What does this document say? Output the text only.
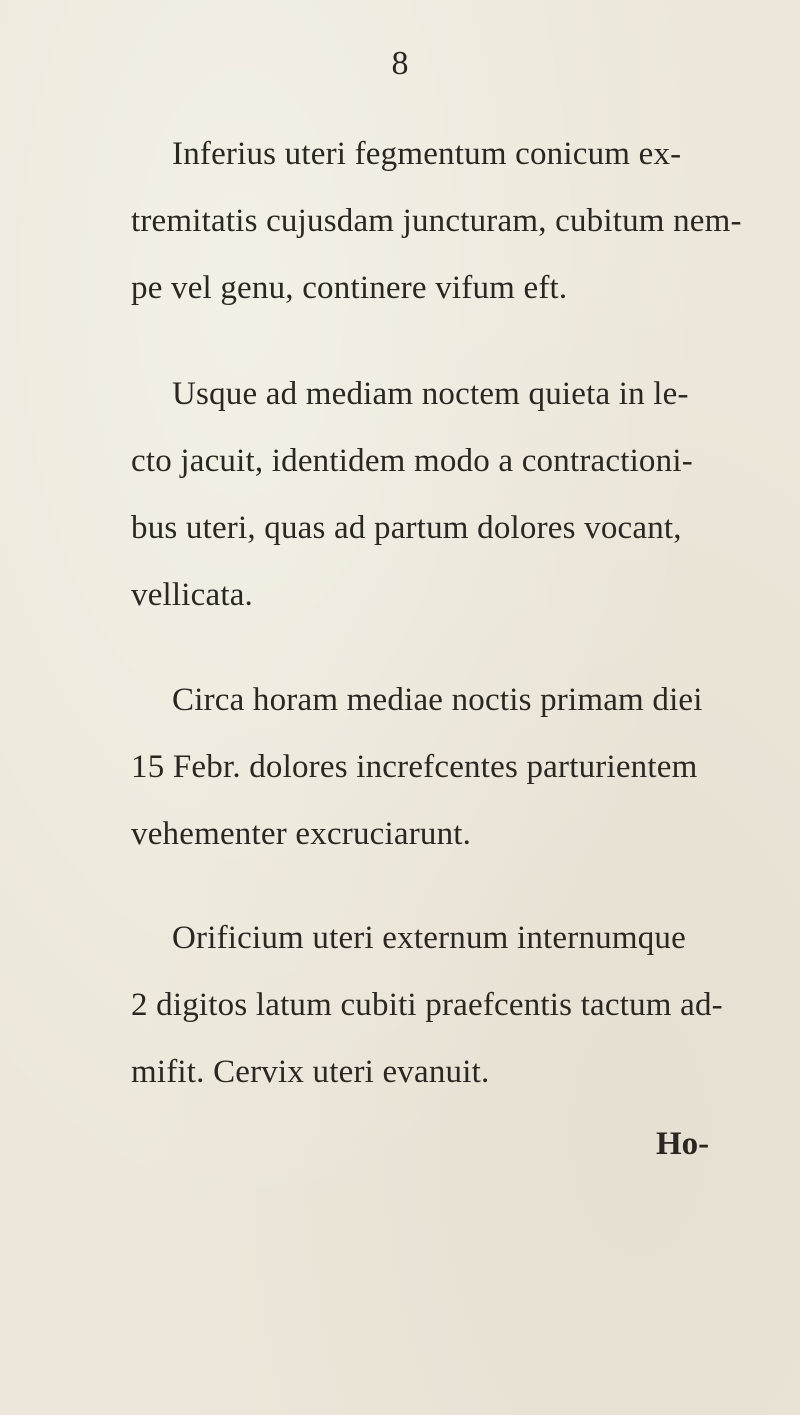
8
Inferius uteri fegmentum conicum ex-
tremitatis cujusdam juncturam, cubitum nem-
pe vel genu, continere vifum eft.
Usque ad mediam noctem quieta in le-
cto jacuit, identidem modo a contractioni-
bus uteri, quas ad partum dolores vocant,
vellicata.
Circa horam mediae noctis primam diei
15 Febr. dolores increfcentes parturientem
vehementer excruciarunt.
Orificium uteri externum internumque
2 digitos latum cubiti praefcentis tactum ad-
mifit. Cervix uteri evanuit.
Ho-
